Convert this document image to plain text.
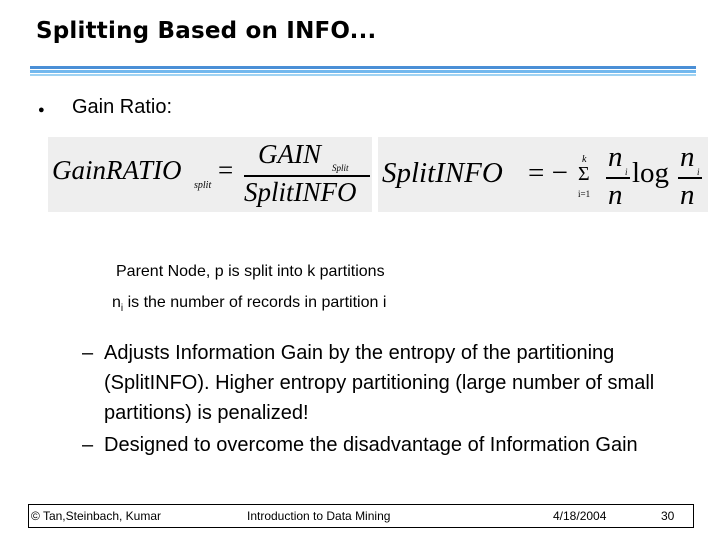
Splitting Based on INFO...
● Gain Ratio:
GainRATIO
split
=
GAIN Split
SplitINFO
SplitINFO = − k
Σ
i=1
n i
n
log n i
n
Parent Node, p is split into k partitions
$n_i$ is the number of records in partition i
– Adjusts Information Gain by the entropy of the partitioning (SplitINFO). Higher entropy partitioning (large number of small partitions) is penalized!
– Designed to overcome the disadvantage of Information Gain
© Tan,Steinbach, Kumar	Introduction to Data Mining	4/18/2004	30
